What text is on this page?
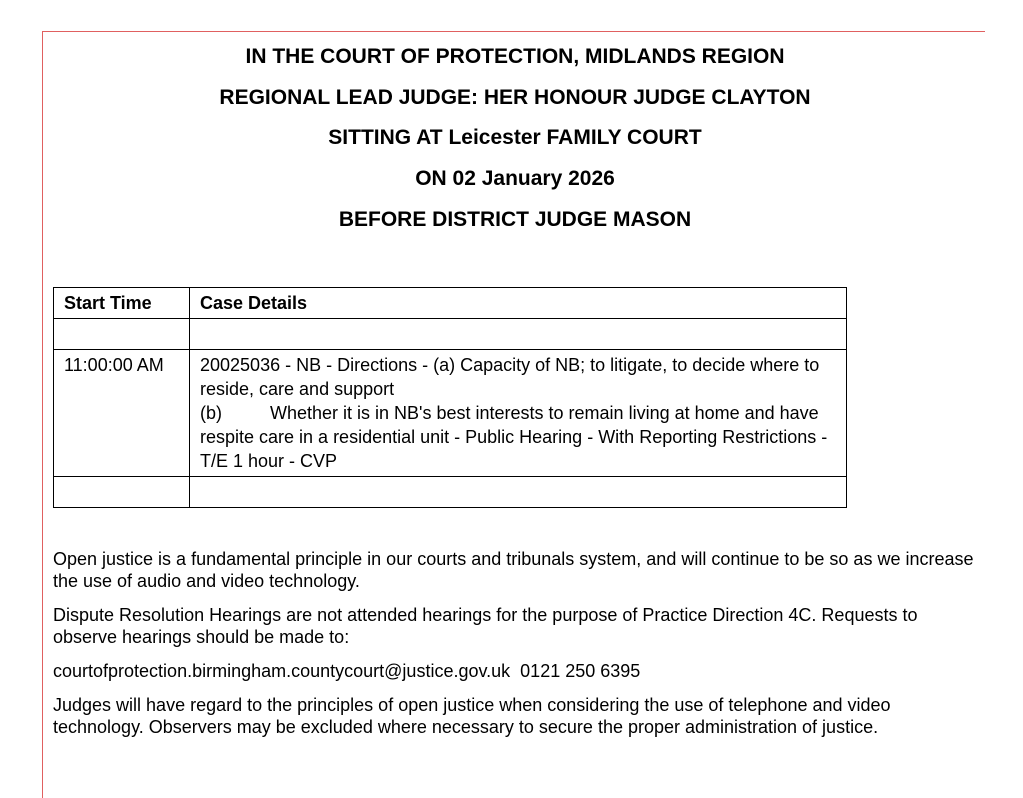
IN THE COURT OF PROTECTION, MIDLANDS REGION
REGIONAL LEAD JUDGE: HER HONOUR JUDGE CLAYTON
SITTING AT Leicester FAMILY COURT
ON 02 January 2026
BEFORE DISTRICT JUDGE MASON
Start Time	Case Details

11:00:00 AM	20025036 - NB - Directions - (a) Capacity of NB; to litigate, to decide where to reside, care and support
(b) Whether it is in NB's best interests to remain living at home and have respite care in a residential unit - Public Hearing - With Reporting Restrictions - T/E 1 hour - CVP

Open justice is a fundamental principle in our courts and tribunals system, and will continue to be so as we increase the use of audio and video technology.

Dispute Resolution Hearings are not attended hearings for the purpose of Practice Direction 4C. Requests to observe hearings should be made to:

courtofprotection.birmingham.countycourt@justice.gov.uk 0121 250 6395

Judges will have regard to the principles of open justice when considering the use of telephone and video technology. Observers may be excluded where necessary to secure the proper administration of justice.
